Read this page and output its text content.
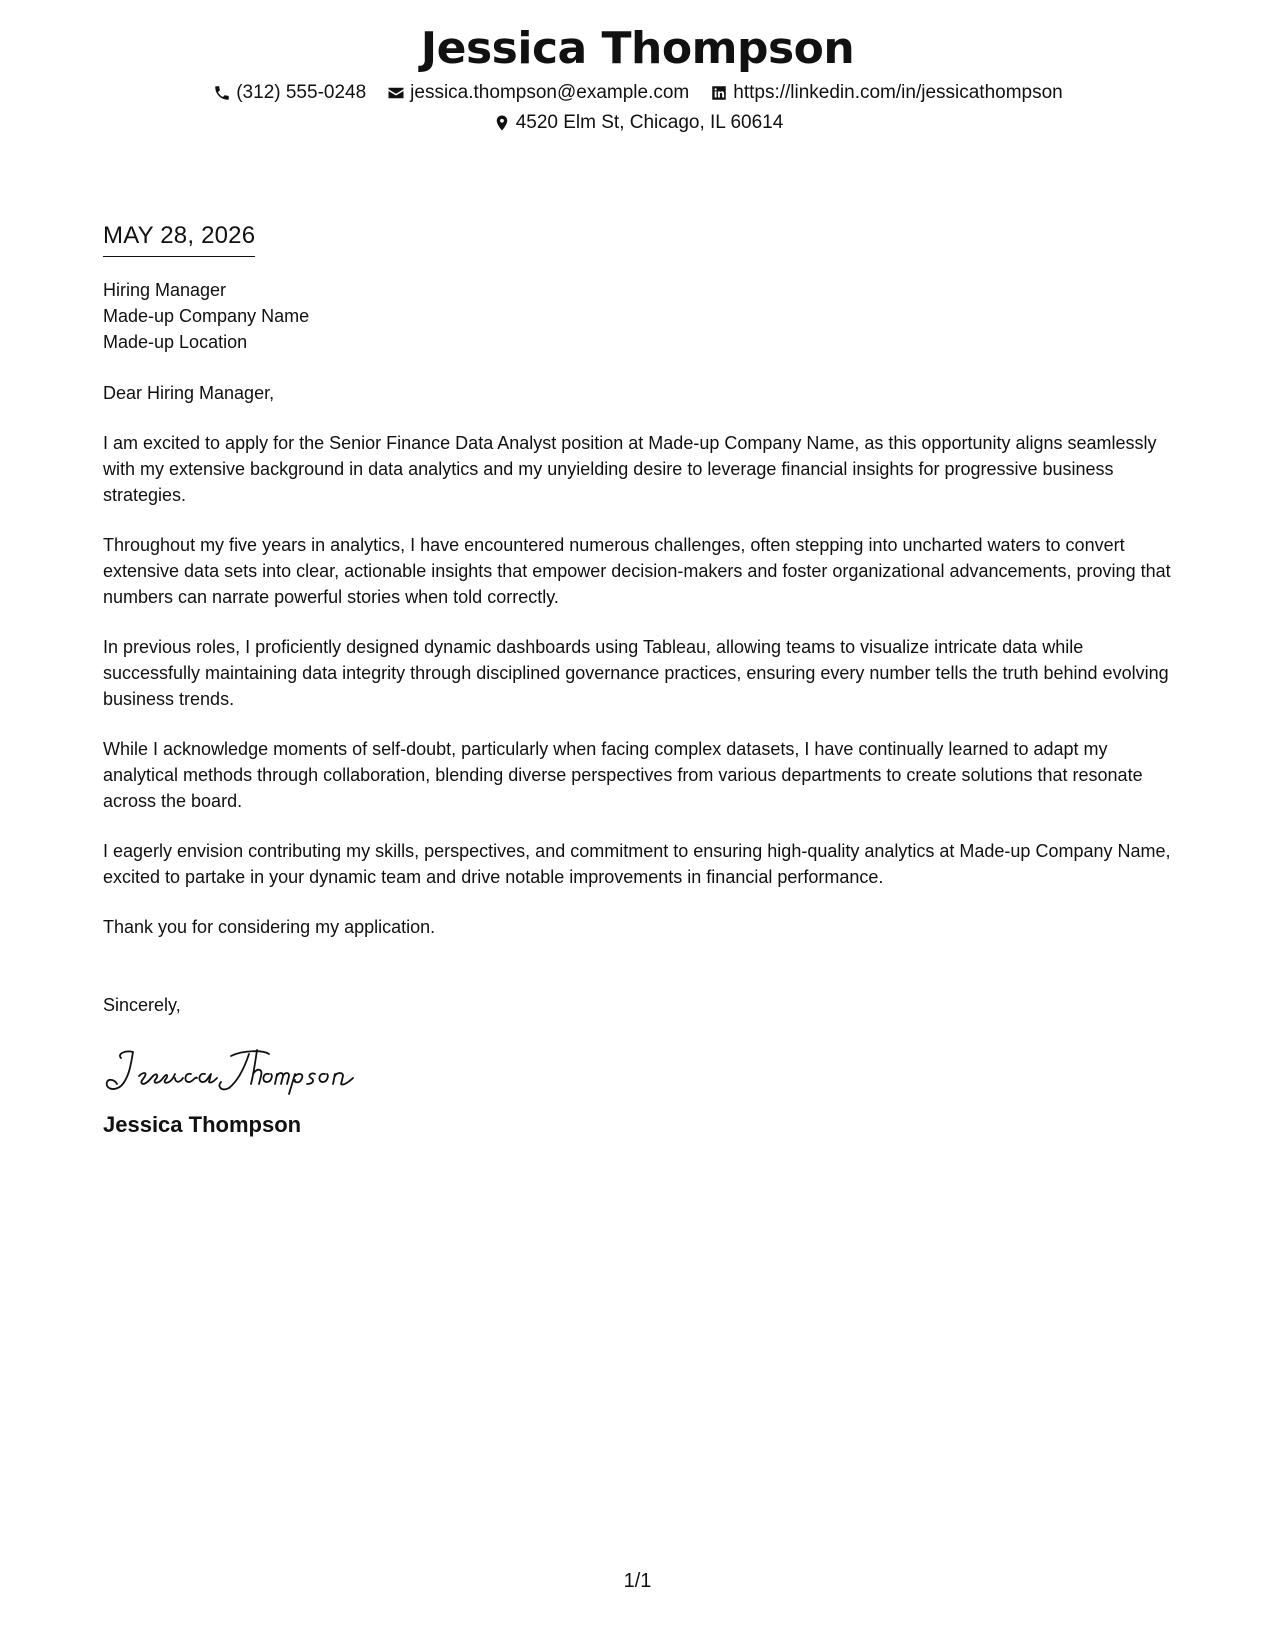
Jessica Thompson
(312) 555-0248 jessica.thompson@example.com https://linkedin.com/in/jessicathompson
4520 Elm St, Chicago, IL 60614
MAY 28, 2026
Hiring Manager
Made-up Company Name
Made-up Location
Dear Hiring Manager,
I am excited to apply for the Senior Finance Data Analyst position at Made-up Company Name, as this opportunity aligns seamlessly with my extensive background in data analytics and my unyielding desire to leverage financial insights for progressive business strategies.
Throughout my five years in analytics, I have encountered numerous challenges, often stepping into uncharted waters to convert extensive data sets into clear, actionable insights that empower decision-makers and foster organizational advancements, proving that numbers can narrate powerful stories when told correctly.
In previous roles, I proficiently designed dynamic dashboards using Tableau, allowing teams to visualize intricate data while successfully maintaining data integrity through disciplined governance practices, ensuring every number tells the truth behind evolving business trends.
While I acknowledge moments of self-doubt, particularly when facing complex datasets, I have continually learned to adapt my analytical methods through collaboration, blending diverse perspectives from various departments to create solutions that resonate across the board.
I eagerly envision contributing my skills, perspectives, and commitment to ensuring high-quality analytics at Made-up Company Name, excited to partake in your dynamic team and drive notable improvements in financial performance.
Thank you for considering my application.
Sincerely,
Jessica Thompson
1/1
